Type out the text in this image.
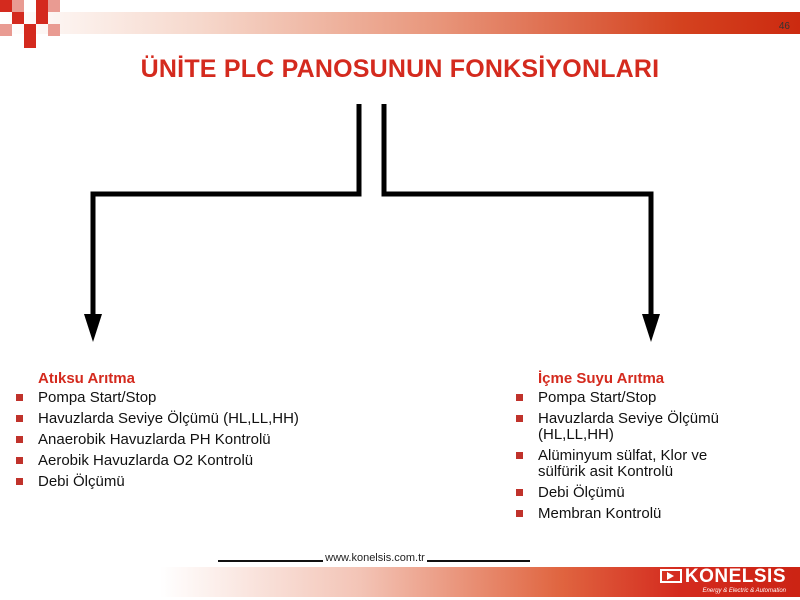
46
ÜNİTE PLC PANOSUNUN FONKSİYONLARI
Atıksu Arıtma
Pompa Start/Stop
Havuzlarda Seviye Ölçümü (HL,LL,HH)
Anaerobik Havuzlarda PH Kontrolü
Aerobik Havuzlarda O2 Kontrolü
Debi Ölçümü
İçme Suyu Arıtma
Pompa Start/Stop
Havuzlarda Seviye Ölçümü (HL,LL,HH)
Alüminyum sülfat, Klor ve sülfürik asit Kontrolü
Debi Ölçümü
Membran Kontrolü
www.konelsis.com.tr
KONELSIS
Energy & Electric & Automation
